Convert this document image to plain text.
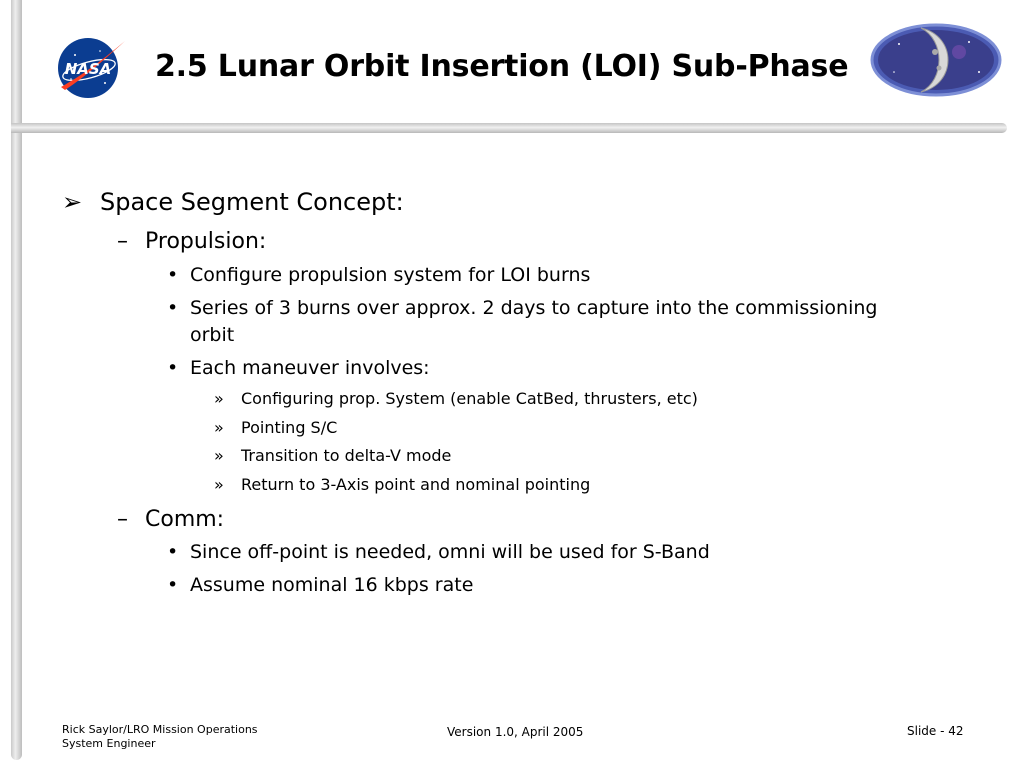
NASA 2.5 Lunar Orbit Insertion (LOI) Sub-Phase
➢ Space Segment Concept:
– Propulsion:
• Configure propulsion system for LOI burns
• Series of 3 burns over approx. 2 days to capture into the commissioning
orbit
• Each maneuver involves:
» Configuring prop. System (enable CatBed, thrusters, etc)
» Pointing S/C
» Transition to delta-V mode
» Return to 3-Axis point and nominal pointing
– Comm:
• Since off-point is needed, omni will be used for S-Band
• Assume nominal 16 kbps rate
Rick Saylor/LRO Mission Operations
System Engineer
Version 1.0, April 2005	Slide - 42
